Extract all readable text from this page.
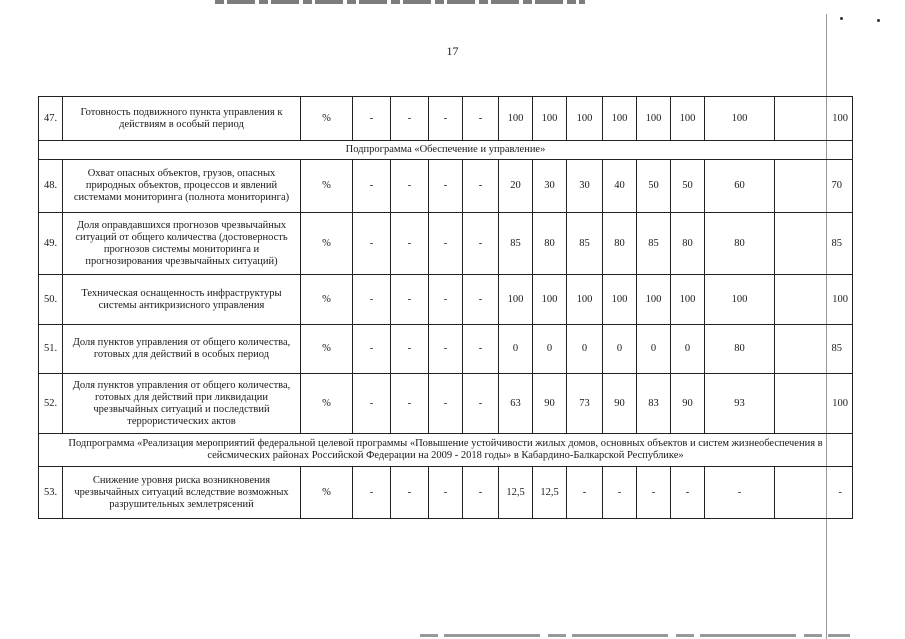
17
47.	Готовность подвижного пункта управления к действиям в особый период	%	-	-	-	-	100	100	100	100	100	100	100	100
Подпрограмма «Обеспечение и управление»														
48.	Охват опасных объектов, грузов, опасных природных объектов, процессов и явлений системами мониторинга (полнота мониторинга)	%	-	-	-	-	20	30	30	40	50	50	60	70
49.	Доля оправдавшихся прогнозов чрезвычайных ситуаций от общего количества (достоверность прогнозов системы мониторинга и прогнозирования чрезвычайных ситуаций)	%	-	-	-	-	85	80	85	80	85	80	80	85
50.	Техническая оснащенность инфраструктуры системы антикризисного управления	%	-	-	-	-	100	100	100	100	100	100	100	100
51.	Доля пунктов управления от общего количества, готовых для действий в особых период	%	-	-	-	-	0	0	0	0	0	0	80	85
52.	Доля пунктов управления от общего количества, готовых для действий при ликвидации чрезвычайных ситуаций и последствий террористических актов	%	-	-	-	-	63	90	73	90	83	90	93	100
Подпрограмма «Реализация мероприятий федеральной целевой программы «Повышение устойчивости жилых домов, основных объектов и систем жизнеобеспечения в сейсмических районах Российской Федерации на 2009 - 2018 годы» в Кабардино-Балкарской Республике»														
53.	Снижение уровня риска возникновения чрезвычайных ситуаций вследствие возможных разрушительных землетрясений	%	-	-	-	-	12,5	12,5	-	-	-	-	-	-
